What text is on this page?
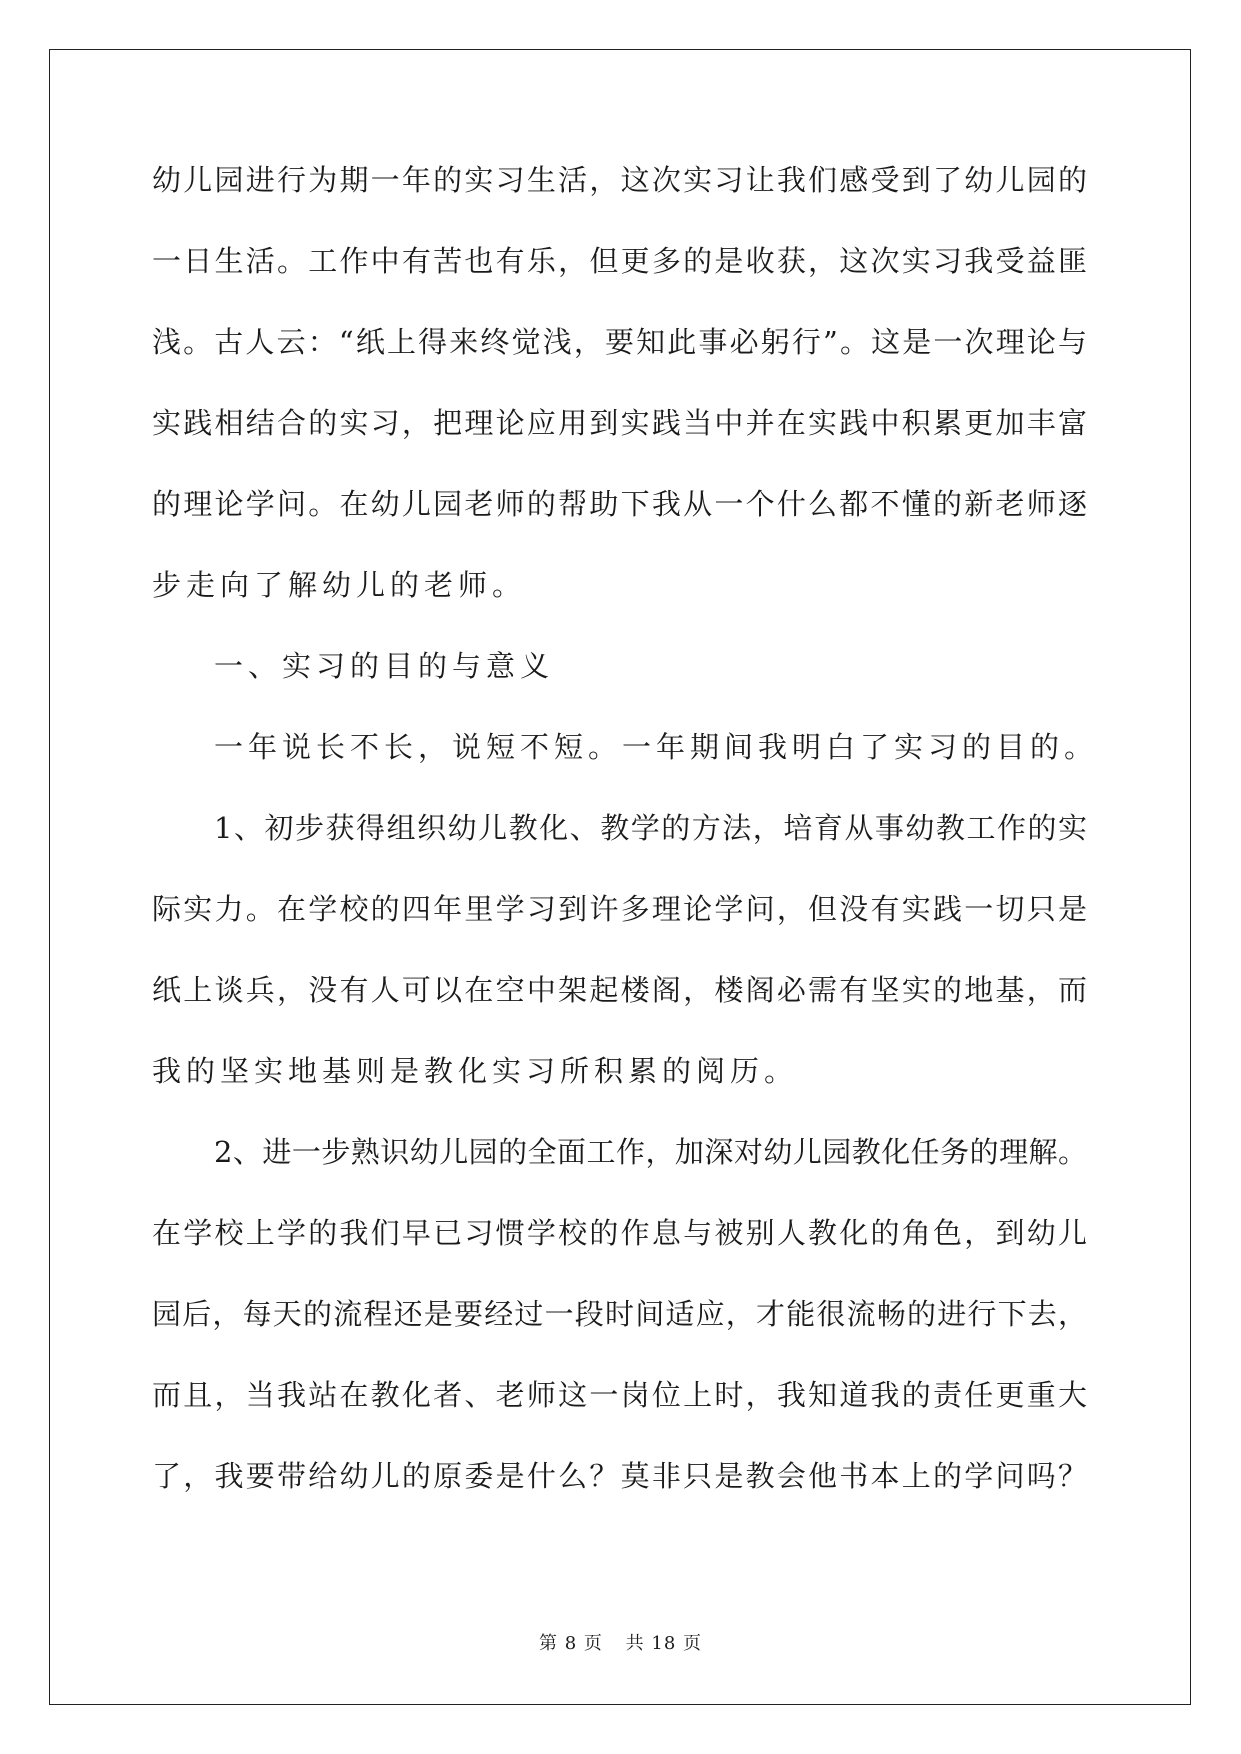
幼儿园进行为期一年的实习生活，这次实习让我们感受到了幼儿园的
一日生活。工作中有苦也有乐，但更多的是收获，这次实习我受益匪
浅。古人云：“纸上得来终觉浅，要知此事必躬行”。这是一次理论与
实践相结合的实习，把理论应用到实践当中并在实践中积累更加丰富
的理论学问。在幼儿园老师的帮助下我从一个什么都不懂的新老师逐
步走向了解幼儿的老师。
一、实习的目的与意义
一年说长不长，说短不短。一年期间我明白了实习的目的。
1、初步获得组织幼儿教化、教学的方法，培育从事幼教工作的实
际实力。在学校的四年里学习到许多理论学问，但没有实践一切只是
纸上谈兵，没有人可以在空中架起楼阁，楼阁必需有坚实的地基，而
我的坚实地基则是教化实习所积累的阅历。
2、进一步熟识幼儿园的全面工作，加深对幼儿园教化任务的理解。
在学校上学的我们早已习惯学校的作息与被别人教化的角色，到幼儿
园后，每天的流程还是要经过一段时间适应，才能很流畅的进行下去，
而且，当我站在教化者、老师这一岗位上时，我知道我的责任更重大
了，我要带给幼儿的原委是什么？莫非只是教会他书本上的学问吗？
第 8 页 共 18 页
